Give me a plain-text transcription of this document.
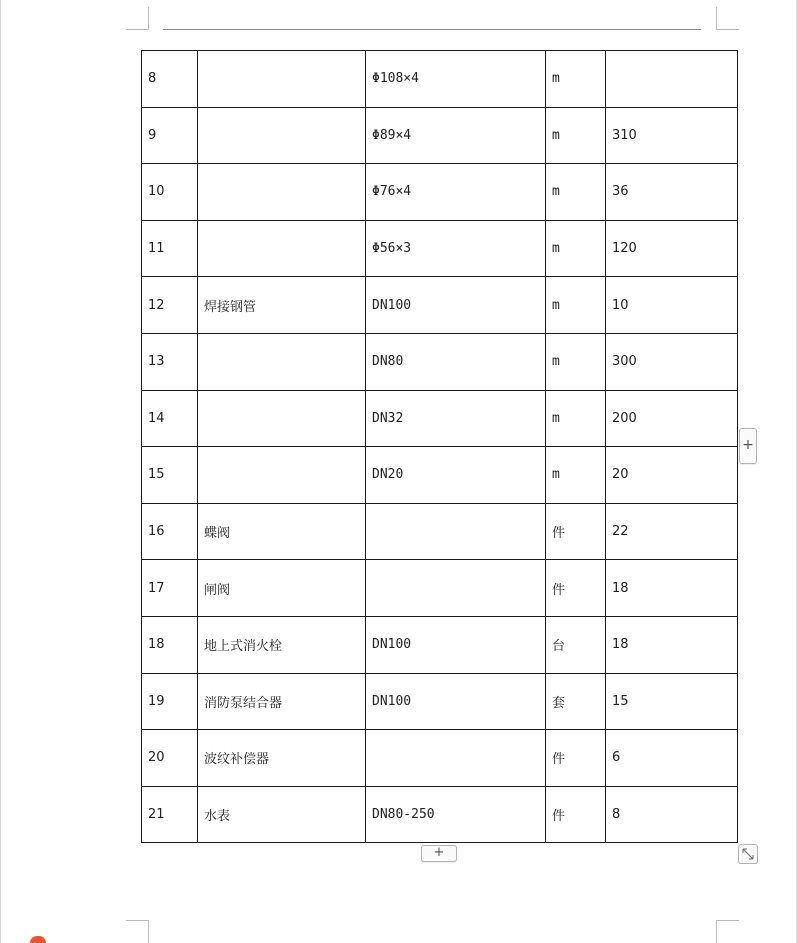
8		Φ108×4	m	
9		Φ89×4	m	310
10		Φ76×4	m	36
11		Φ56×3	m	120
12	焊接钢管	DN100	m	10
13		DN80	m	300
14		DN32	m	200
15		DN20	m	20
16	蝶阀		件	22
17	闸阀		件	18
18	地上式消火栓	DN100	台	18
19	消防泵结合器	DN100	套	15
20	波纹补偿器		件	6
21	水表	DN80-250	件	8
+
+
